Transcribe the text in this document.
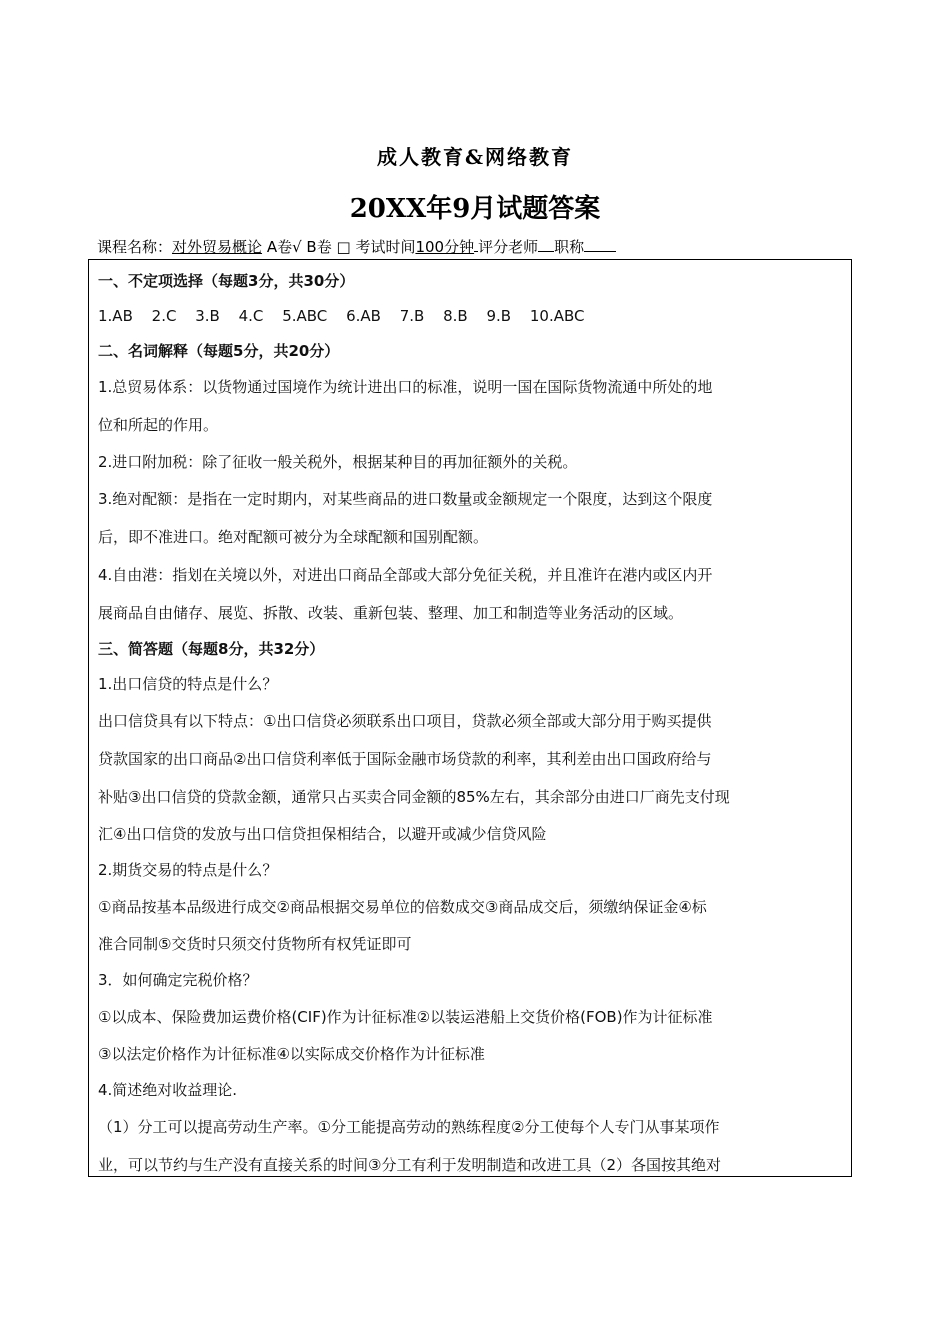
成人教育&网络教育
20XX年9月试题答案
课程名称：对外贸易概论 A卷√ B卷 □ 考试时间100分钟 评分老师 职称
一、不定项选择（每题3分，共30分）
1.AB 2.C 3.B 4.C 5.ABC 6.AB 7.B 8.B 9.B 10.ABC
二、名词解释（每题5分，共20分）
1.总贸易体系：以货物通过国境作为统计进出口的标准，说明一国在国际货物流通中所处的地
位和所起的作用。
2.进口附加税：除了征收一般关税外，根据某种目的再加征额外的关税。
3.绝对配额：是指在一定时期内，对某些商品的进口数量或金额规定一个限度，达到这个限度
后，即不准进口。绝对配额可被分为全球配额和国别配额。
4.自由港：指划在关境以外，对进出口商品全部或大部分免征关税，并且准许在港内或区内开
展商品自由储存、展览、拆散、改装、重新包装、整理、加工和制造等业务活动的区域。
三、简答题（每题8分，共32分）
1.出口信贷的特点是什么？
出口信贷具有以下特点：①出口信贷必须联系出口项目，贷款必须全部或大部分用于购买提供
贷款国家的出口商品②出口信贷利率低于国际金融市场贷款的利率，其利差由出口国政府给与
补贴③出口信贷的贷款金额，通常只占买卖合同金额的85%左右，其余部分由进口厂商先支付现
汇④出口信贷的发放与出口信贷担保相结合，以避开或减少信贷风险
2.期货交易的特点是什么？
①商品按基本品级进行成交②商品根据交易单位的倍数成交③商品成交后，须缴纳保证金④标
准合同制⑤交货时只须交付货物所有权凭证即可
3．如何确定完税价格？
①以成本、保险费加运费价格(CIF)作为计征标准②以装运港船上交货价格(FOB)作为计征标准
③以法定价格作为计征标准④以实际成交价格作为计征标准
4.简述绝对收益理论.
（1）分工可以提高劳动生产率。①分工能提高劳动的熟练程度②分工使每个人专门从事某项作
业，可以节约与生产没有直接关系的时间③分工有利于发明制造和改进工具（2）各国按其绝对
